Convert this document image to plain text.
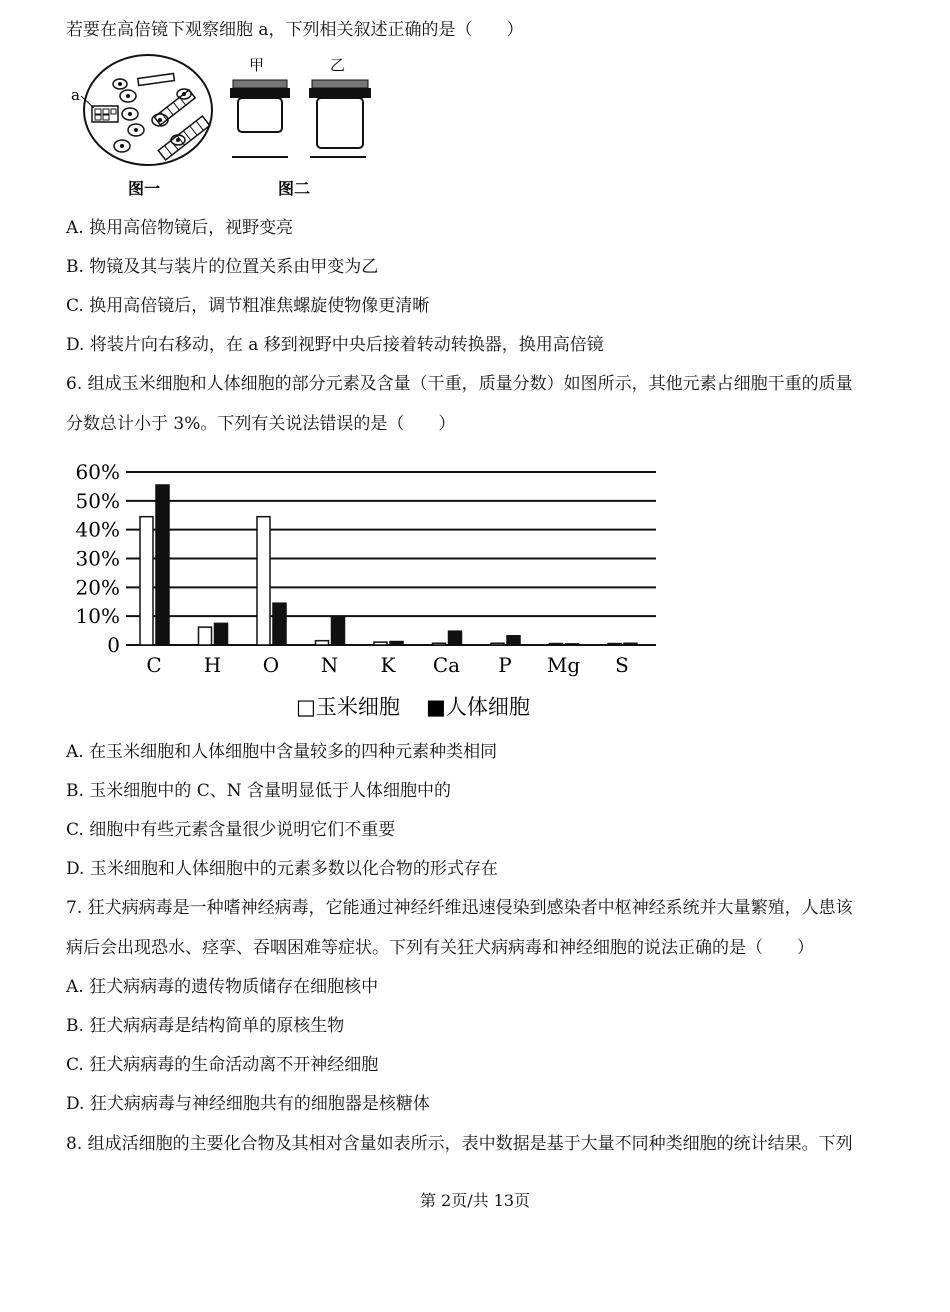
若要在高倍镜下观察细胞 a，下列相关叙述正确的是（　　）
a
图一
甲	乙
图二
A. 换用高倍物镜后，视野变亮
B. 物镜及其与装片的位置关系由甲变为乙
C. 换用高倍镜后，调节粗准焦螺旋使物像更清晰
D. 将装片向右移动，在 a 移到视野中央后接着转动转换器，换用高倍镜
6. 组成玉米细胞和人体细胞的部分元素及含量（干重，质量分数）如图所示，其他元素占细胞干重的质量
分数总计小于 3%。下列有关说法错误的是（　　）
0
10%
20%
30%
40%
50%
60%
C H O N K Ca P Mg S
□玉米细胞 ■人体细胞
A. 在玉米细胞和人体细胞中含量较多的四种元素种类相同
B. 玉米细胞中的 C、N 含量明显低于人体细胞中的
C. 细胞中有些元素含量很少说明它们不重要
D. 玉米细胞和人体细胞中的元素多数以化合物的形式存在
7. 狂犬病病毒是一种嗜神经病毒，它能通过神经纤维迅速侵染到感染者中枢神经系统并大量繁殖，人患该
病后会出现恐水、痉挛、吞咽困难等症状。下列有关狂犬病病毒和神经细胞的说法正确的是（　　）
A. 狂犬病病毒的遗传物质储存在细胞核中
B. 狂犬病病毒是结构简单的原核生物
C. 狂犬病病毒的生命活动离不开神经细胞
D. 狂犬病病毒与神经细胞共有的细胞器是核糖体
8. 组成活细胞的主要化合物及其相对含量如表所示，表中数据是基于大量不同种类细胞的统计结果。下列
第 2页/共 13页
